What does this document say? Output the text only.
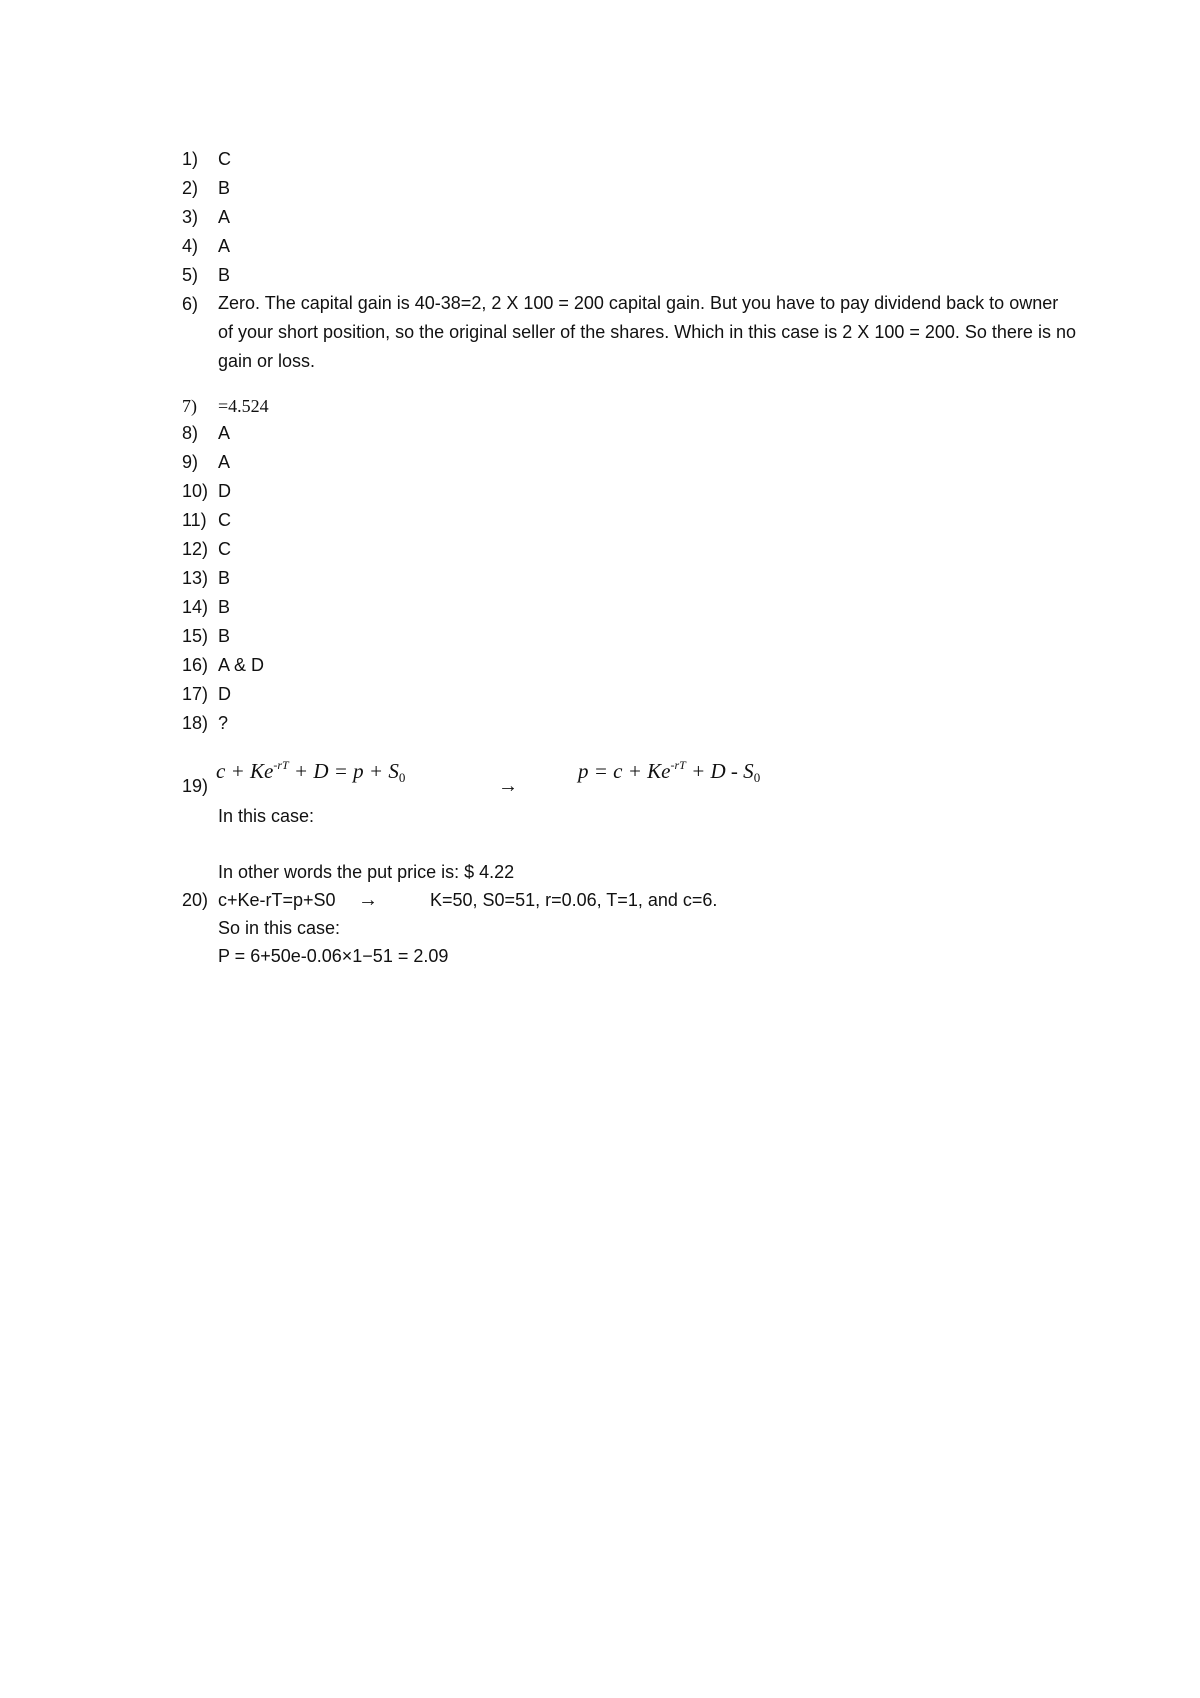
1) C
2) B
3) A
4) A
5) B
6) Zero. The capital gain is 40-38=2, 2 X 100 = 200 capital gain. But you have to pay dividend back to owner of your short position, so the original seller of the shares. Which in this case is 2 X 100 = 200. So there is no gain or loss.
7) =4.524
8) A
9) A
10) D
11) C
12) C
13) B
14) B
15) B
16) A & D
17) D
18) ?
19)
$c + Ke^{-rT} + D = p + S_0$	→
$p = c + Ke^{-rT} + D - S_0$
In this case:
In other words the put price is: $ 4.22
20) c+Ke-rT=p+S0 →	K=50, S0=51, r=0.06, T=1, and c=6.
So in this case:
P = 6+50e-0.06×1−51 = 2.09
